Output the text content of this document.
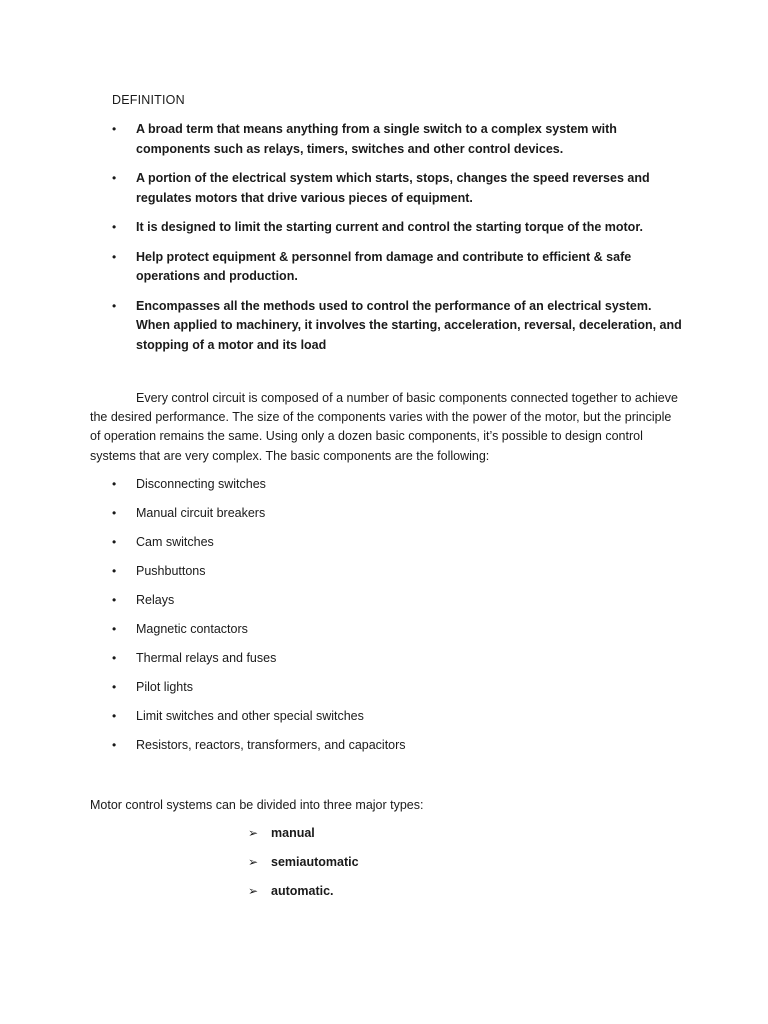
DEFINITION
• A broad term that means anything from a single switch to a complex system with components such as relays, timers, switches and other control devices.
• A portion of the electrical system which starts, stops, changes the speed reverses and regulates motors that drive various pieces of equipment.
• It is designed to limit the starting current and control the starting torque of the motor.
• Help protect equipment & personnel from damage and contribute to efficient & safe operations and production.
• Encompasses all the methods used to control the performance of an electrical system. When applied to machinery, it involves the starting, acceleration, reversal, deceleration, and stopping of a motor and its load

Every control circuit is composed of a number of basic components connected together to achieve the desired performance. The size of the components varies with the power of the motor, but the principle of operation remains the same. Using only a dozen basic components, it’s possible to design control systems that are very complex. The basic components are the following:

• Disconnecting switches
• Manual circuit breakers
• Cam switches
• Pushbuttons
• Relays
• Magnetic contactors
• Thermal relays and fuses
• Pilot lights
• Limit switches and other special switches
• Resistors, reactors, transformers, and capacitors

Motor control systems can be divided into three major types:

➢ manual
➢ semiautomatic
➢ automatic.
